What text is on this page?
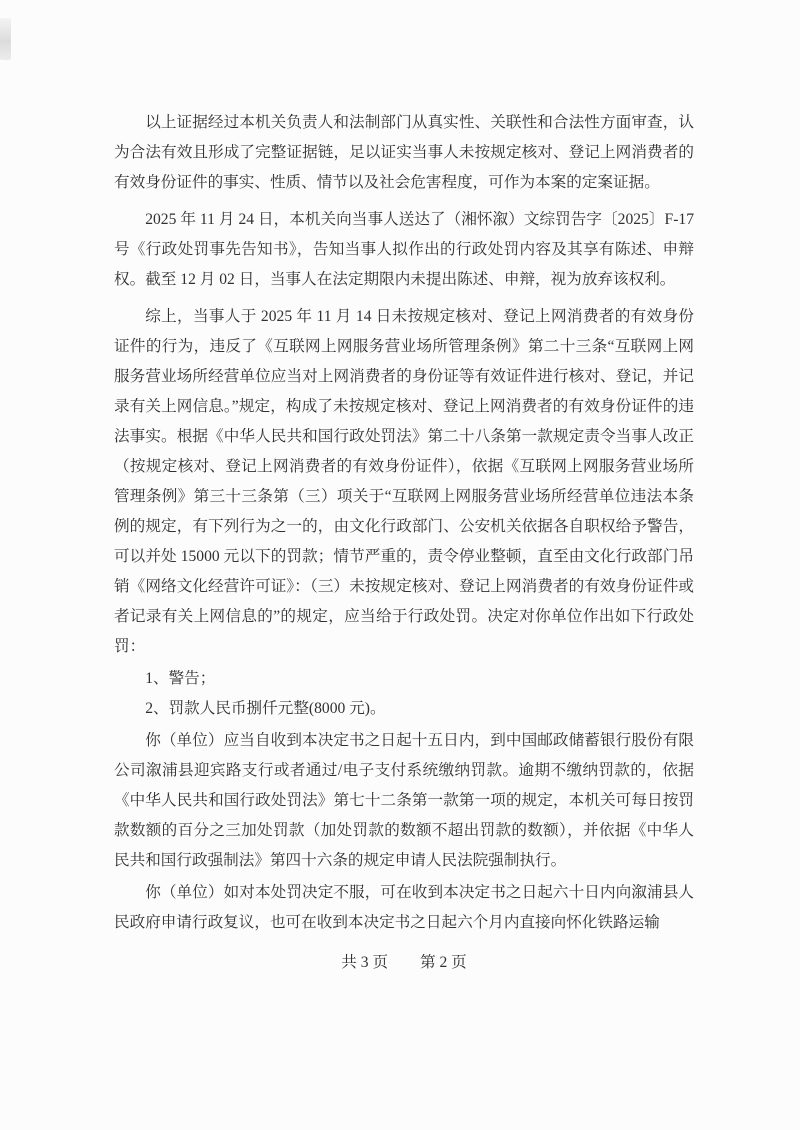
以上证据经过本机关负责人和法制部门从真实性、关联性和合法性方面审查，认为合法有效且形成了完整证据链，足以证实当事人未按规定核对、登记上网消费者的有效身份证件的事实、性质、情节以及社会危害程度，可作为本案的定案证据。

2025 年 11 月 24 日，本机关向当事人送达了（湘怀溆）文综罚告字〔2025〕F-17 号《行政处罚事先告知书》，告知当事人拟作出的行政处罚内容及其享有陈述、申辩权。截至 12 月 02 日，当事人在法定期限内未提出陈述、申辩，视为放弃该权利。

综上，当事人于 2025 年 11 月 14 日未按规定核对、登记上网消费者的有效身份证件的行为，违反了《互联网上网服务营业场所管理条例》第二十三条“互联网上网服务营业场所经营单位应当对上网消费者的身份证等有效证件进行核对、登记，并记录有关上网信息。”规定，构成了未按规定核对、登记上网消费者的有效身份证件的违法事实。根据《中华人民共和国行政处罚法》第二十八条第一款规定责令当事人改正（按规定核对、登记上网消费者的有效身份证件），依据《互联网上网服务营业场所管理条例》第三十三条第（三）项关于“互联网上网服务营业场所经营单位违法本条例的规定，有下列行为之一的，由文化行政部门、公安机关依据各自职权给予警告，可以并处 15000 元以下的罚款；情节严重的，责令停业整顿，直至由文化行政部门吊销《网络文化经营许可证》：（三）未按规定核对、登记上网消费者的有效身份证件或者记录有关上网信息的”的规定，应当给于行政处罚。决定对你单位作出如下行政处罚：

1、警告；

2、罚款人民币捌仟元整(8000 元)。

你（单位）应当自收到本决定书之日起十五日内，到中国邮政储蓄银行股份有限公司溆浦县迎宾路支行或者通过/电子支付系统缴纳罚款。逾期不缴纳罚款的，依据《中华人民共和国行政处罚法》第七十二条第一款第一项的规定，本机关可每日按罚款数额的百分之三加处罚款（加处罚款的数额不超出罚款的数额），并依据《中华人民共和国行政强制法》第四十六条的规定申请人民法院强制执行。

你（单位）如对本处罚决定不服，可在收到本决定书之日起六十日内向溆浦县人民政府申请行政复议，也可在收到本决定书之日起六个月内直接向怀化铁路运输

共 3 页 第 2 页
